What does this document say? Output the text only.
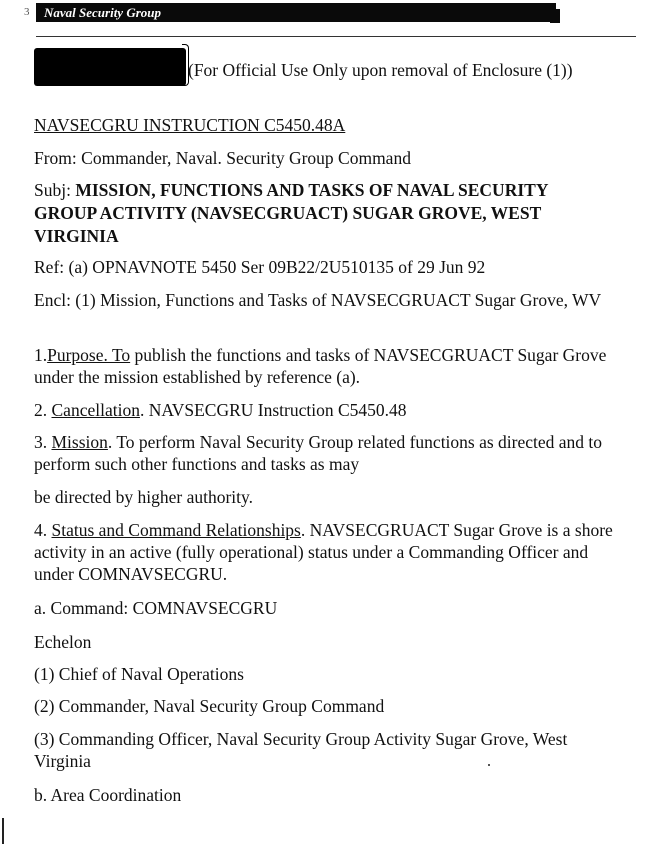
3	Naval Security Group
(For Official Use Only upon removal of Enclosure (1))
NAVSECGRU INSTRUCTION C5450.48A
From: Commander, Naval. Security Group Command
Subj: MISSION, FUNCTIONS AND TASKS OF NAVAL SECURITY GROUP ACTIVITY (NAVSECGRUACT) SUGAR GROVE, WEST VIRGINIA
Ref: (a) OPNAVNOTE 5450 Ser 09B22/2U510135 of 29 Jun 92
Encl: (1) Mission, Functions and Tasks of NAVSECGRUACT Sugar Grove, WV
1.Purpose. To publish the functions and tasks of NAVSECGRUACT Sugar Grove under the mission established by reference (a).
2. Cancellation. NAVSECGRU Instruction C5450.48
3. Mission. To perform Naval Security Group related functions as directed and to perform such other functions and tasks as may
be directed by higher authority.
4. Status and Command Relationships. NAVSECGRUACT Sugar Grove is a shore activity in an active (fully operational) status under a Commanding Officer and under COMNAVSECGRU.
a. Command: COMNAVSECGRU
Echelon
(1) Chief of Naval Operations
(2) Commander, Naval Security Group Command
(3) Commanding Officer, Naval Security Group Activity Sugar Grove, West Virginia
b. Area Coordination
